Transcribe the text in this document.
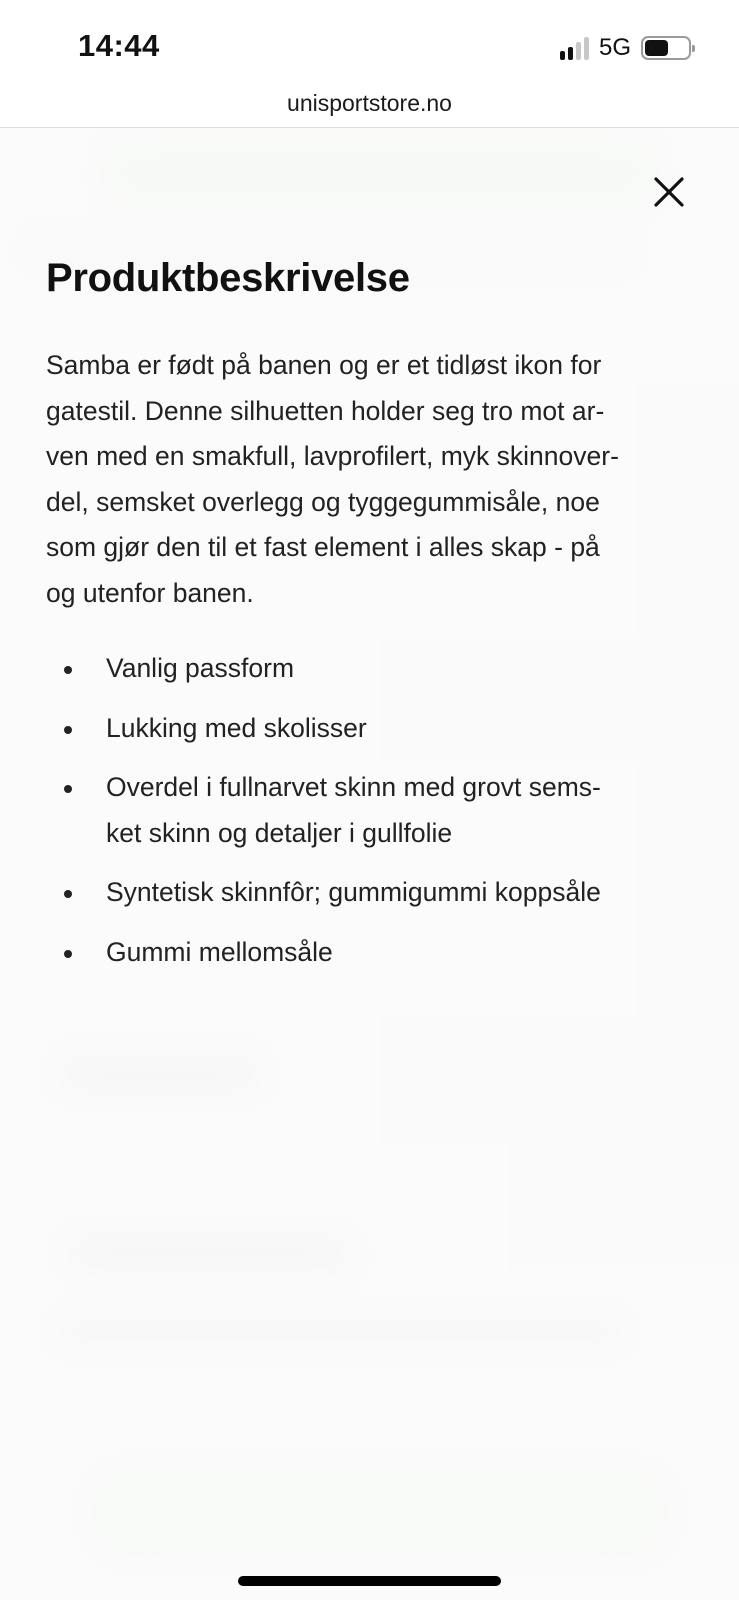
14:44	5G
unisportstore.no
Produktbeskrivelse

Samba er født på banen og er et tidløst ikon for
gatestil. Denne silhuetten holder seg tro mot ar-
ven med en smakfull, lavprofilert, myk skinnover-
del, semsket overlegg og tyggegummisåle, noe
som gjør den til et fast element i alles skap - på
og utenfor banen.

Vanlig passform
Lukking med skolisser
Overdel i fullnarvet skinn med grovt sems-
ket skinn og detaljer i gullfolie
Syntetisk skinnfôr; gummigummi koppsåle
Gummi mellomsåle
